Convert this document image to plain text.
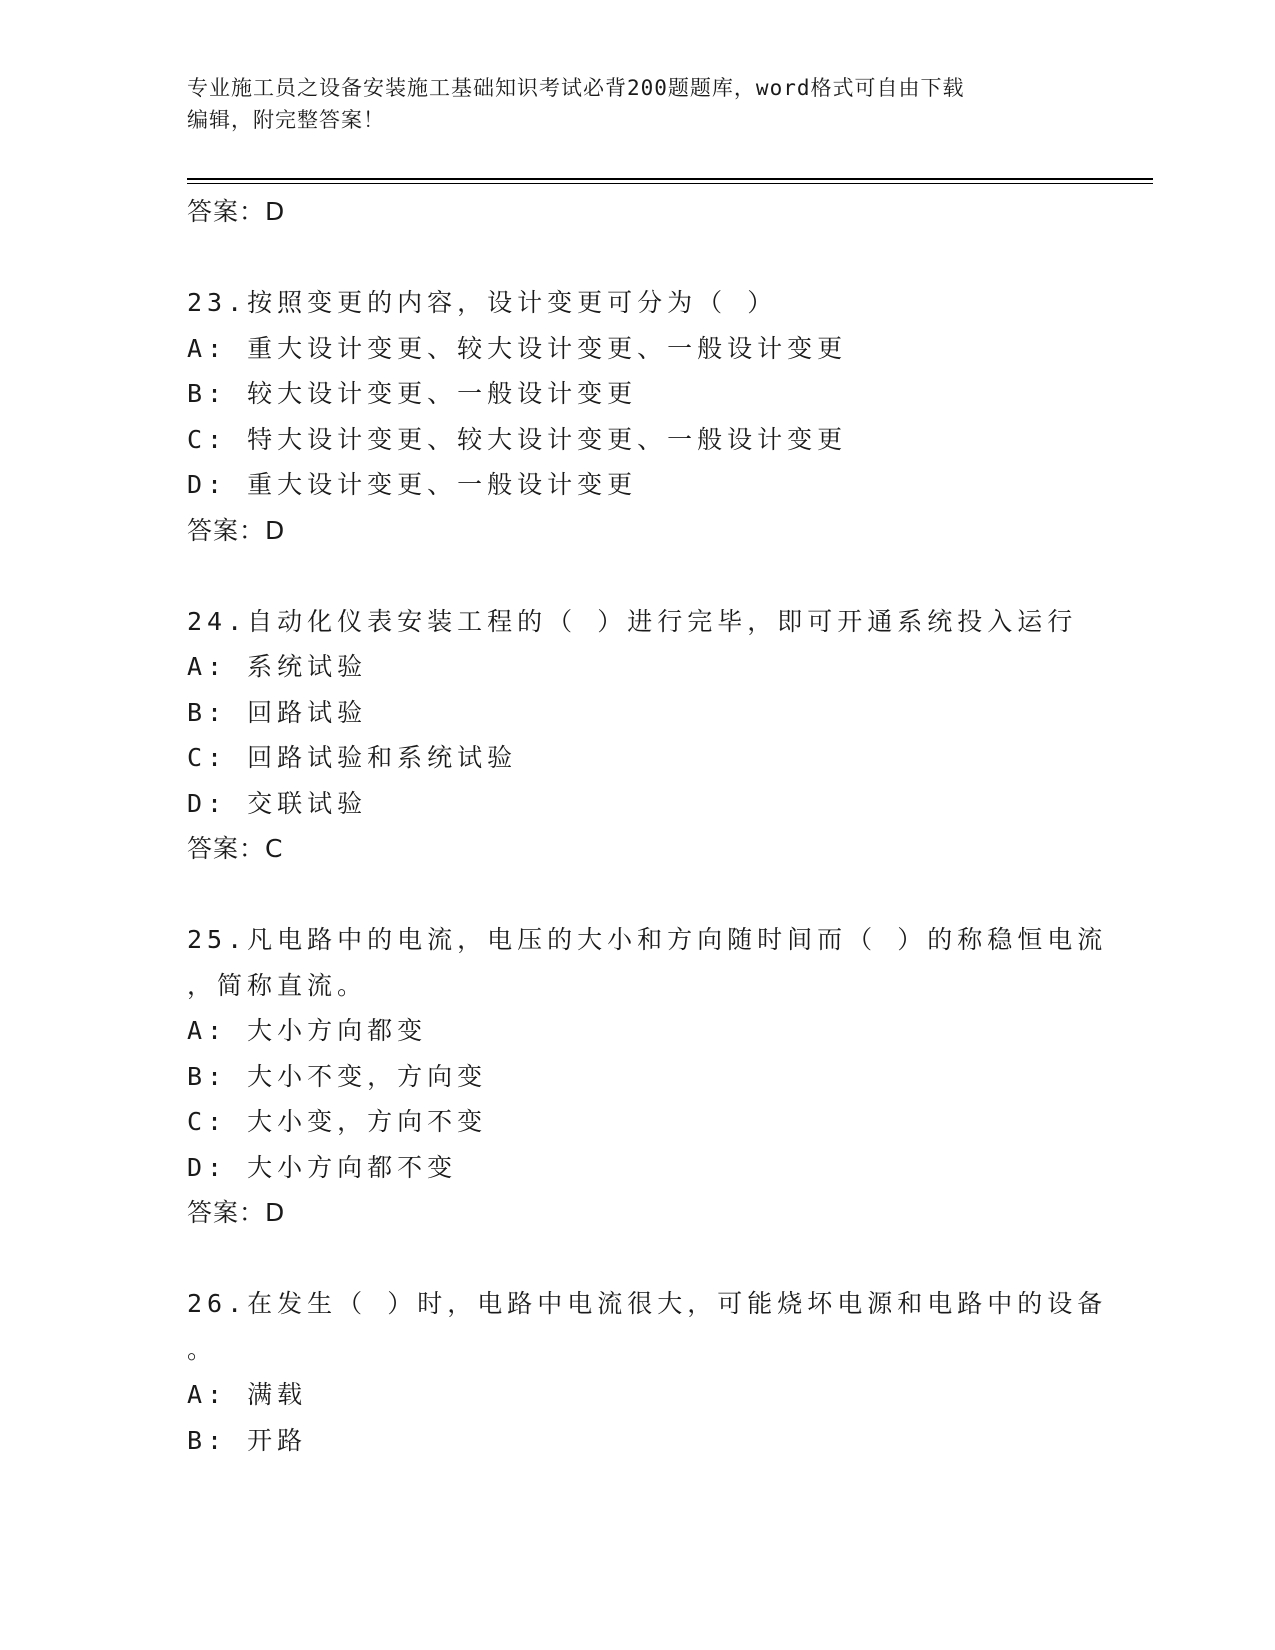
专业施工员之设备安装施工基础知识考试必背200题题库，word格式可自由下载
编辑，附完整答案！
答案：D
23.按照变更的内容，设计变更可分为（ ）
A: 重大设计变更、较大设计变更、一般设计变更
B: 较大设计变更、一般设计变更
C: 特大设计变更、较大设计变更、一般设计变更
D: 重大设计变更、一般设计变更
答案：D
24.自动化仪表安装工程的（ ）进行完毕，即可开通系统投入运行
A: 系统试验
B: 回路试验
C: 回路试验和系统试验
D: 交联试验
答案：C
25.凡电路中的电流，电压的大小和方向随时间而（ ）的称稳恒电流
，简称直流。
A: 大小方向都变
B: 大小不变，方向变
C: 大小变，方向不变
D: 大小方向都不变
答案：D
26.在发生（ ）时，电路中电流很大，可能烧坏电源和电路中的设备
。
A: 满载
B: 开路
